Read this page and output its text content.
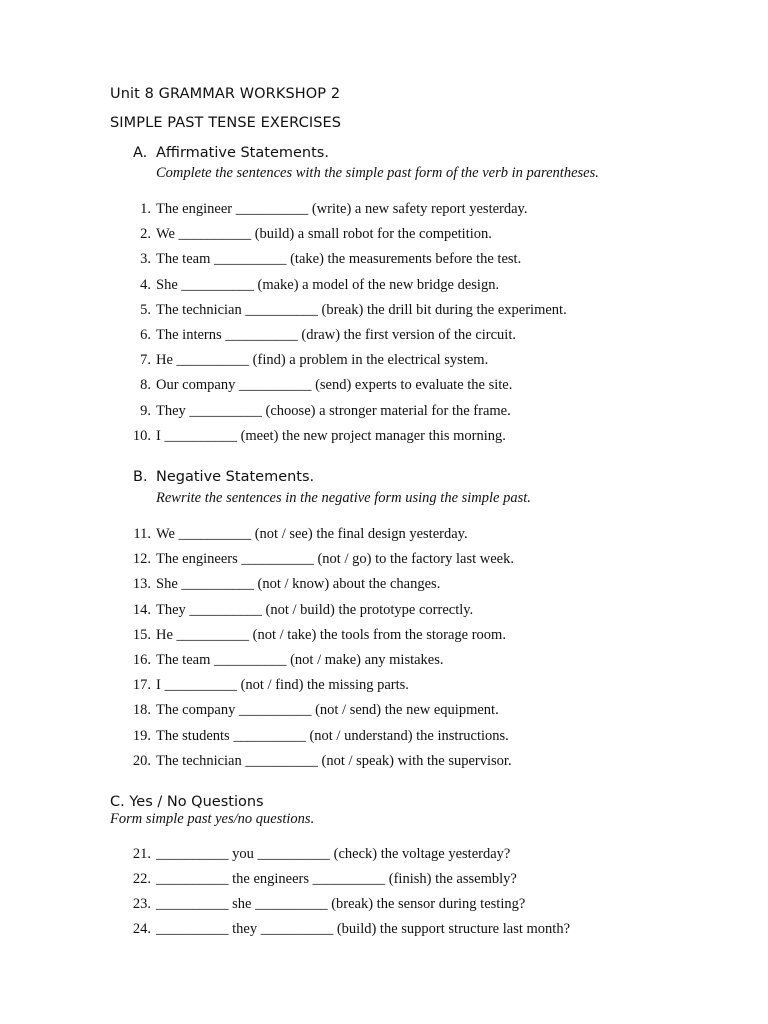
Unit 8 GRAMMAR WORKSHOP 2
SIMPLE PAST TENSE EXERCISES
A. Affirmative Statements.
Complete the sentences with the simple past form of the verb in parentheses.
1. The engineer __________ (write) a new safety report yesterday.
2. We __________ (build) a small robot for the competition.
3. The team __________ (take) the measurements before the test.
4. She __________ (make) a model of the new bridge design.
5. The technician __________ (break) the drill bit during the experiment.
6. The interns __________ (draw) the first version of the circuit.
7. He __________ (find) a problem in the electrical system.
8. Our company __________ (send) experts to evaluate the site.
9. They __________ (choose) a stronger material for the frame.
10. I __________ (meet) the new project manager this morning.
B. Negative Statements.
Rewrite the sentences in the negative form using the simple past.
11. We __________ (not / see) the final design yesterday.
12. The engineers __________ (not / go) to the factory last week.
13. She __________ (not / know) about the changes.
14. They __________ (not / build) the prototype correctly.
15. He __________ (not / take) the tools from the storage room.
16. The team __________ (not / make) any mistakes.
17. I __________ (not / find) the missing parts.
18. The company __________ (not / send) the new equipment.
19. The students __________ (not / understand) the instructions.
20. The technician __________ (not / speak) with the supervisor.
C. Yes / No Questions
Form simple past yes/no questions.
21. __________ you __________ (check) the voltage yesterday?
22. __________ the engineers __________ (finish) the assembly?
23. __________ she __________ (break) the sensor during testing?
24. __________ they __________ (build) the support structure last month?
